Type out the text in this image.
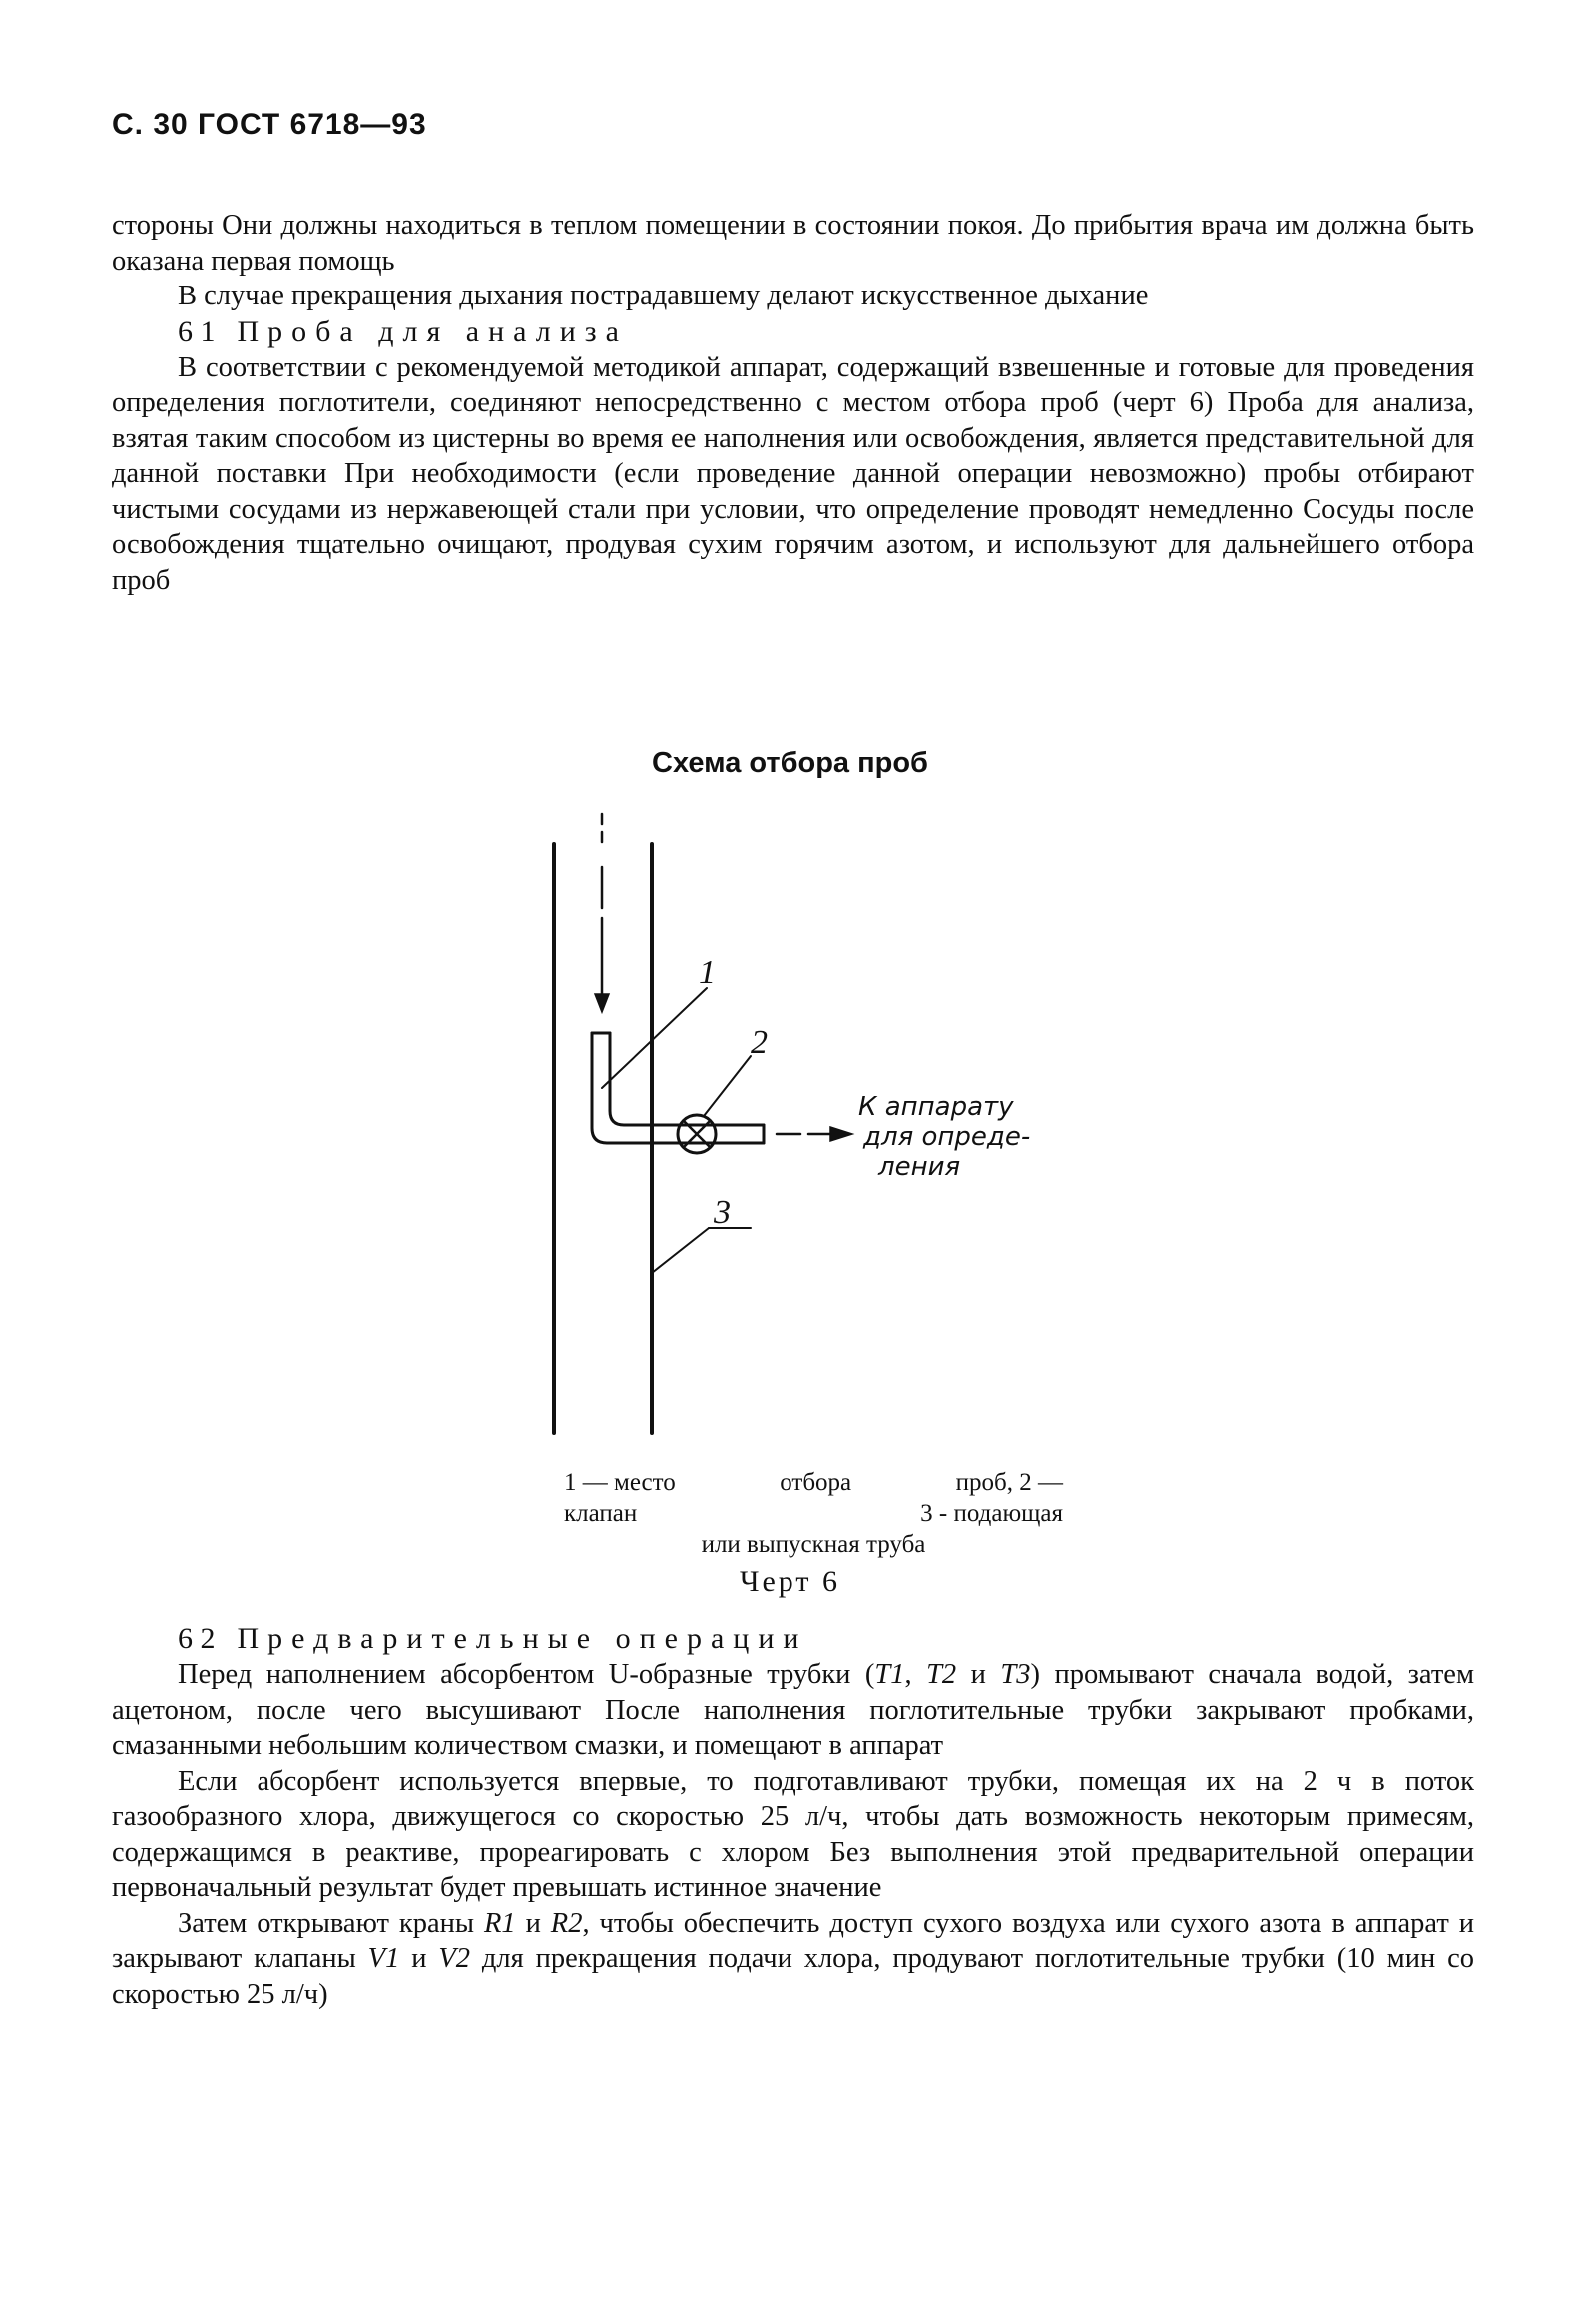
С. 30 ГОСТ 6718—93

стороны Они должны находиться в теплом помещении в состоянии покоя. До прибытия врача им должна быть оказана первая помощь

В случае прекращения дыхания пострадавшему делают искусственное дыхание

6 1 Проба для анализа

В соответствии с рекомендуемой методикой аппарат, содержащий взвешенные и готовые для проведения определения поглотители, соединяют непосредственно с местом отбора проб (черт 6) Проба для анализа, взятая таким способом из цистерны во время ее наполнения или освобождения, является представительной для данной поставки При необходимости (если проведение данной операции невозможно) пробы отбирают чистыми сосудами из нержавеющей стали при условии, что определение проводят немедленно Сосуды после освобождения тщательно очищают, продувая сухим горячим азотом, и используют для дальнейшего отбора проб

Схема отбора проб
1
2
3
К аппарату
для опреде-
ления
1 — место	отбора	проб, 2 —
клапан	3 - подающая
или выпускная труба
Черт 6

6 2 Предварительные операции

Перед наполнением абсорбентом U-образные трубки (Т1, Т2 и Т3) промывают сначала водой, затем ацетоном, после чего высушивают После наполнения поглотительные трубки закрывают пробками, смазанными небольшим количеством смазки, и помещают в аппарат

Если абсорбент используется впервые, то подготавливают трубки, помещая их на 2 ч в поток газообразного хлора, движущегося со скоростью 25 л/ч, чтобы дать возможность некоторым примесям, содержащимся в реактиве, прореагировать с хлором Без выполнения этой предварительной операции первоначальный результат будет превышать истинное значение

Затем открывают краны R1 и R2, чтобы обеспечить доступ сухого воздуха или сухого азота в аппарат и закрывают клапаны V1 и V2 для прекращения подачи хлора, продувают поглотительные трубки (10 мин со скоростью 25 л/ч)
